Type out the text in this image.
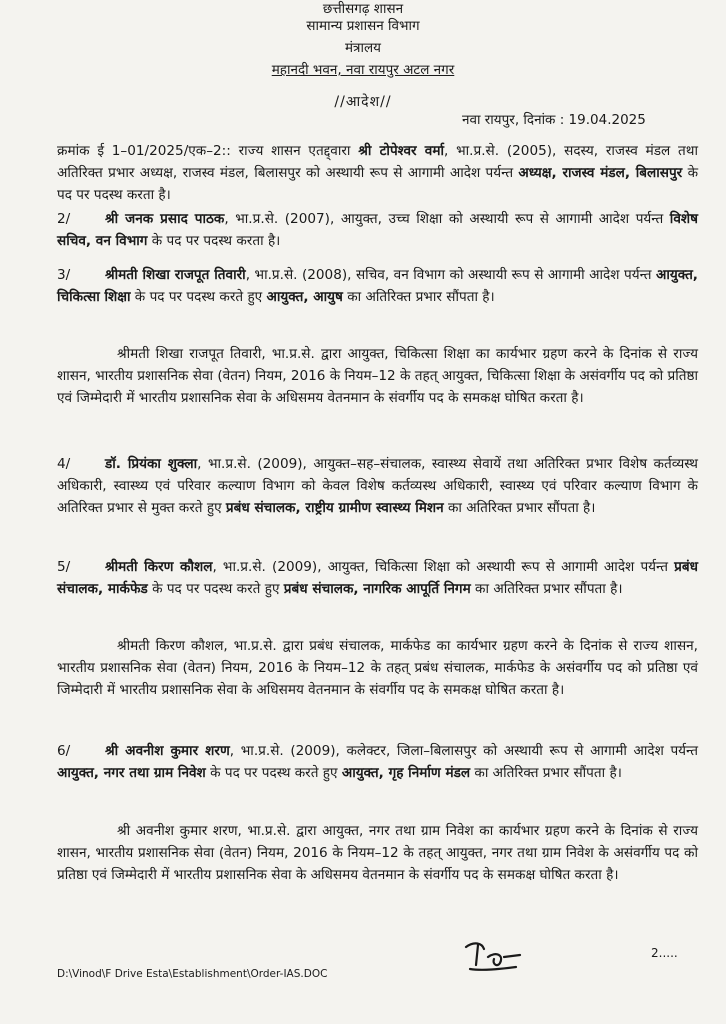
छत्तीसगढ़ शासन
सामान्य प्रशासन विभाग
मंत्रालय
महानदी भवन, नवा रायपुर अटल नगर
//आदेश//
नवा रायपुर, दिनांक : 19.04.2025
क्रमांक ई 1–01/2025/एक–2:: राज्य शासन एतद्द्वारा श्री टोपेश्वर वर्मा, भा.प्र.से. (2005), सदस्य, राजस्व मंडल तथा अतिरिक्त प्रभार अध्यक्ष, राजस्व मंडल, बिलासपुर को अस्थायी रूप से आगामी आदेश पर्यन्त अध्यक्ष, राजस्व मंडल, बिलासपुर के पद पर पदस्थ करता है।
2/	श्री जनक प्रसाद पाठक, भा.प्र.से. (2007), आयुक्त, उच्च शिक्षा को अस्थायी रूप से आगामी आदेश पर्यन्त विशेष सचिव, वन विभाग के पद पर पदस्थ करता है।
3/	श्रीमती शिखा राजपूत तिवारी, भा.प्र.से. (2008), सचिव, वन विभाग को अस्थायी रूप से आगामी आदेश पर्यन्त आयुक्त, चिकित्सा शिक्षा के पद पर पदस्थ करते हुए आयुक्त, आयुष का अतिरिक्त प्रभार सौंपता है।
श्रीमती शिखा राजपूत तिवारी, भा.प्र.से. द्वारा आयुक्त, चिकित्सा शिक्षा का कार्यभार ग्रहण करने के दिनांक से राज्य शासन, भारतीय प्रशासनिक सेवा (वेतन) नियम, 2016 के नियम–12 के तहत् आयुक्त, चिकित्सा शिक्षा के असंवर्गीय पद को प्रतिष्ठा एवं जिम्मेदारी में भारतीय प्रशासनिक सेवा के अधिसमय वेतनमान के संवर्गीय पद के समकक्ष घोषित करता है।
4/	डॉ. प्रियंका शुक्ला, भा.प्र.से. (2009), आयुक्त–सह–संचालक, स्वास्थ्य सेवायें तथा अतिरिक्त प्रभार विशेष कर्तव्यस्थ अधिकारी, स्वास्थ्य एवं परिवार कल्याण विभाग को केवल विशेष कर्तव्यस्थ अधिकारी, स्वास्थ्य एवं परिवार कल्याण विभाग के अतिरिक्त प्रभार से मुक्त करते हुए प्रबंध संचालक, राष्ट्रीय ग्रामीण स्वास्थ्य मिशन का अतिरिक्त प्रभार सौंपता है।
5/	श्रीमती किरण कौशल, भा.प्र.से. (2009), आयुक्त, चिकित्सा शिक्षा को अस्थायी रूप से आगामी आदेश पर्यन्त प्रबंध संचालक, मार्कफेड के पद पर पदस्थ करते हुए प्रबंध संचालक, नागरिक आपूर्ति निगम का अतिरिक्त प्रभार सौंपता है।
श्रीमती किरण कौशल, भा.प्र.से. द्वारा प्रबंध संचालक, मार्कफेड का कार्यभार ग्रहण करने के दिनांक से राज्य शासन, भारतीय प्रशासनिक सेवा (वेतन) नियम, 2016 के नियम–12 के तहत् प्रबंध संचालक, मार्कफेड के असंवर्गीय पद को प्रतिष्ठा एवं जिम्मेदारी में भारतीय प्रशासनिक सेवा के अधिसमय वेतनमान के संवर्गीय पद के समकक्ष घोषित करता है।
6/	श्री अवनीश कुमार शरण, भा.प्र.से. (2009), कलेक्टर, जिला–बिलासपुर को अस्थायी रूप से आगामी आदेश पर्यन्त आयुक्त, नगर तथा ग्राम निवेश के पद पर पदस्थ करते हुए आयुक्त, गृह निर्माण मंडल का अतिरिक्त प्रभार सौंपता है।
श्री अवनीश कुमार शरण, भा.प्र.से. द्वारा आयुक्त, नगर तथा ग्राम निवेश का कार्यभार ग्रहण करने के दिनांक से राज्य शासन, भारतीय प्रशासनिक सेवा (वेतन) नियम, 2016 के नियम–12 के तहत् आयुक्त, नगर तथा ग्राम निवेश के असंवर्गीय पद को प्रतिष्ठा एवं जिम्मेदारी में भारतीय प्रशासनिक सेवा के अधिसमय वेतनमान के संवर्गीय पद के समकक्ष घोषित करता है।
2.....
D:\Vinod\F Drive Esta\Establishment\Order-IAS.DOC
